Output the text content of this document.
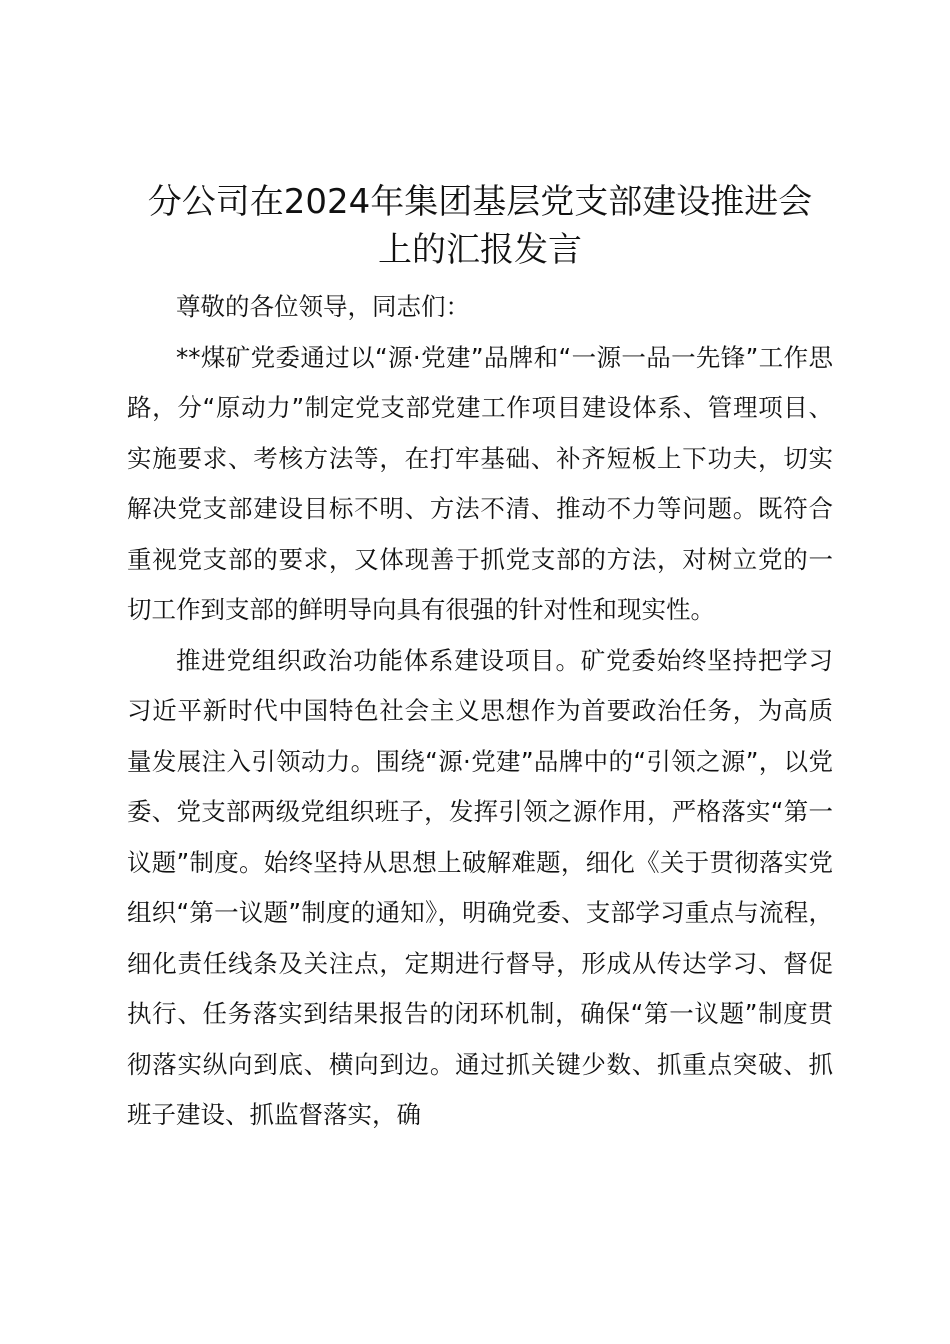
分公司在2024年集团基层党支部建设推进会
上的汇报发言

尊敬的各位领导，同志们：

**煤矿党委通过以“源·党建”品牌和“一源一品一先锋”工作思路，分“原动力”制定党支部党建工作项目建设体系、管理项目、实施要求、考核方法等，在打牢基础、补齐短板上下功夫，切实解决党支部建设目标不明、方法不清、推动不力等问题。既符合重视党支部的要求，又体现善于抓党支部的方法，对树立党的一切工作到支部的鲜明导向具有很强的针对性和现实性。

推进党组织政治功能体系建设项目。矿党委始终坚持把学习习近平新时代中国特色社会主义思想作为首要政治任务，为高质量发展注入引领动力。围绕“源·党建”品牌中的“引领之源”，以党委、党支部两级党组织班子，发挥引领之源作用，严格落实“第一议题”制度。始终坚持从思想上破解难题，细化《关于贯彻落实党组织“第一议题”制度的通知》，明确党委、支部学习重点与流程，细化责任线条及关注点，定期进行督导，形成从传达学习、督促执行、任务落实到结果报告的闭环机制，确保“第一议题”制度贯彻落实纵向到底、横向到边。通过抓关键少数、抓重点突破、抓班子建设、抓监督落实，确
